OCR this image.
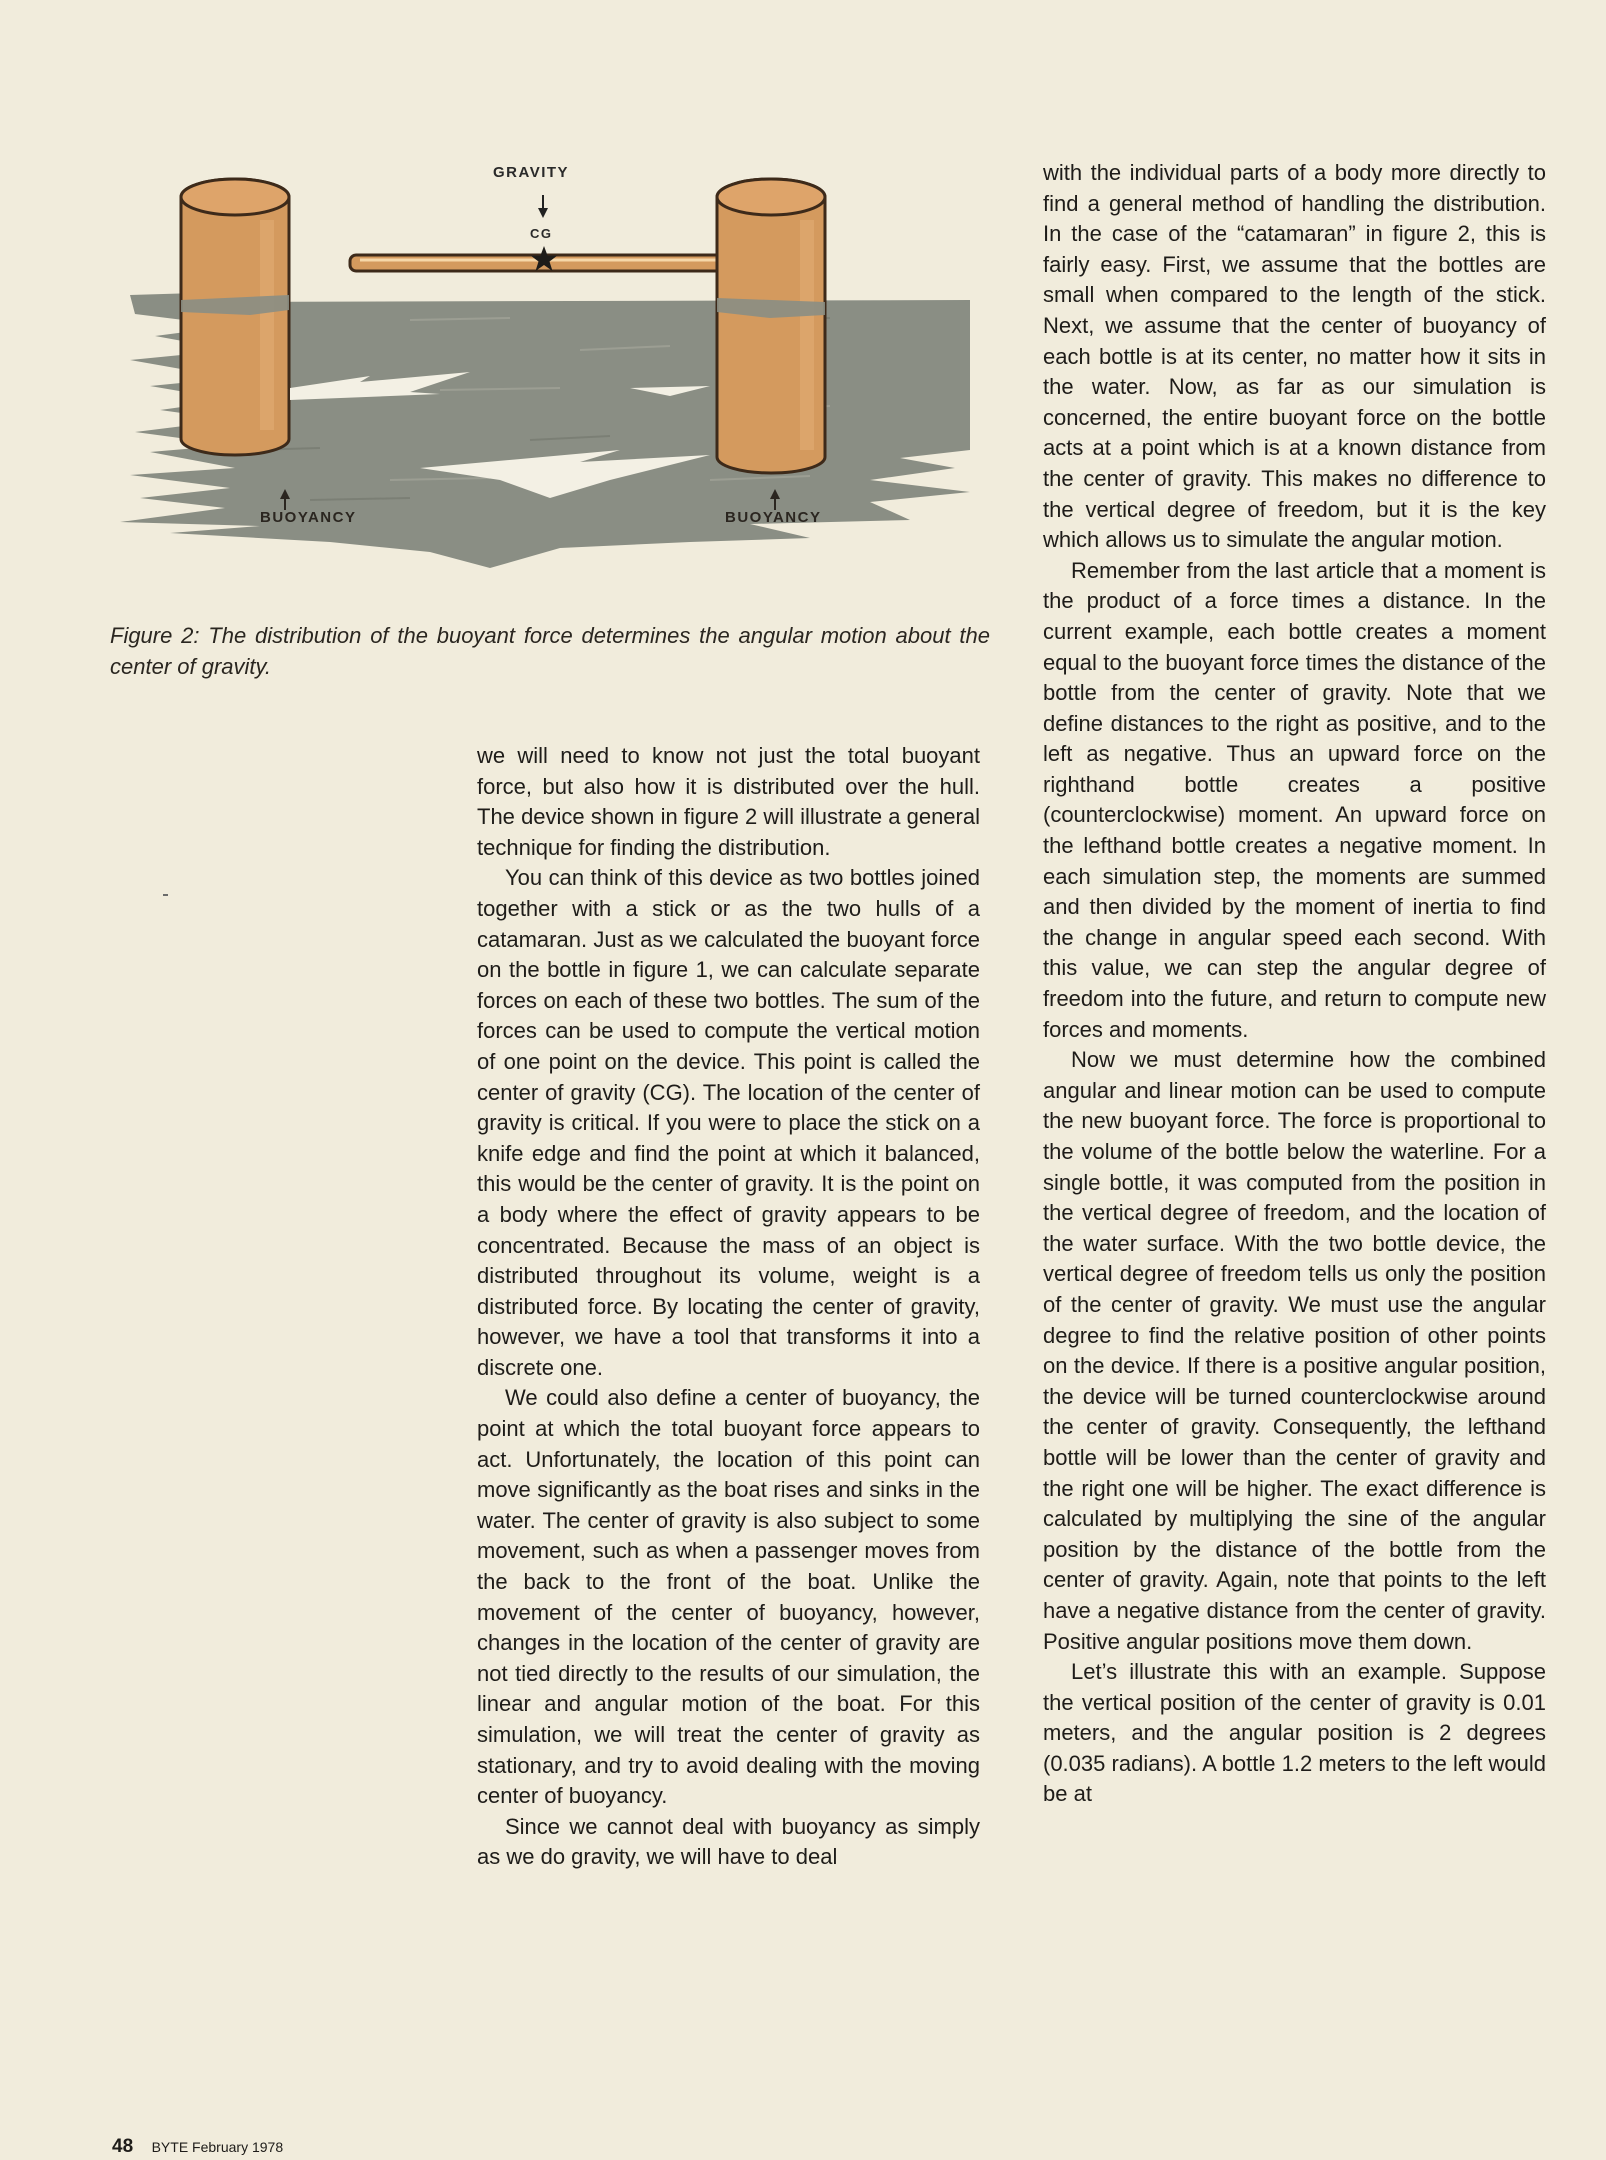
GRAVITY
CG
BUOYANCY	BUOYANCY
Figure 2: The distribution of the buoyant force determines the angular motion about the center of gravity.

we will need to know not just the total buoyant force, but also how it is distributed over the hull. The device shown in figure 2 will illustrate a general technique for finding the distribution.

You can think of this device as two bottles joined together with a stick or as the two hulls of a catamaran. Just as we calculated the buoyant force on the bottle in figure 1, we can calculate separate forces on each of these two bottles. The sum of the forces can be used to compute the vertical motion of one point on the device. This point is called the center of gravity (CG). The location of the center of gravity is critical. If you were to place the stick on a knife edge and find the point at which it balanced, this would be the center of gravity. It is the point on a body where the effect of gravity appears to be concentrated. Because the mass of an object is distributed throughout its volume, weight is a distributed force. By locating the center of gravity, however, we have a tool that transforms it into a discrete one.

We could also define a center of buoyancy, the point at which the total buoyant force appears to act. Unfortunately, the location of this point can move significantly as the boat rises and sinks in the water. The center of gravity is also subject to some movement, such as when a passenger moves from the back to the front of the boat. Unlike the movement of the center of buoyancy, however, changes in the location of the center of gravity are not tied directly to the results of our simulation, the linear and angular motion of the boat. For this simulation, we will treat the center of gravity as stationary, and try to avoid dealing with the moving center of buoyancy.

Since we cannot deal with buoyancy as simply as we do gravity, we will have to deal

with the individual parts of a body more directly to find a general method of handling the distribution. In the case of the “catamaran” in figure 2, this is fairly easy. First, we assume that the bottles are small when compared to the length of the stick. Next, we assume that the center of buoyancy of each bottle is at its center, no matter how it sits in the water. Now, as far as our simulation is concerned, the entire buoyant force on the bottle acts at a point which is at a known distance from the center of gravity. This makes no difference to the vertical degree of freedom, but it is the key which allows us to simulate the angular motion.

Remember from the last article that a moment is the product of a force times a distance. In the current example, each bottle creates a moment equal to the buoyant force times the distance of the bottle from the center of gravity. Note that we define distances to the right as positive, and to the left as negative. Thus an upward force on the righthand bottle creates a positive (counterclockwise) moment. An upward force on the lefthand bottle creates a negative moment. In each simulation step, the moments are summed and then divided by the moment of inertia to find the change in angular speed each second. With this value, we can step the angular degree of freedom into the future, and return to compute new forces and moments.

Now we must determine how the combined angular and linear motion can be used to compute the new buoyant force. The force is proportional to the volume of the bottle below the waterline. For a single bottle, it was computed from the position in the vertical degree of freedom, and the location of the water surface. With the two bottle device, the vertical degree of freedom tells us only the position of the center of gravity. We must use the angular degree to find the relative position of other points on the device. If there is a positive angular position, the device will be turned counterclockwise around the center of gravity. Consequently, the lefthand bottle will be lower than the center of gravity and the right one will be higher. The exact difference is calculated by multiplying the sine of the angular position by the distance of the bottle from the center of gravity. Again, note that points to the left have a negative distance from the center of gravity. Positive angular positions move them down.

Let’s illustrate this with an example. Suppose the vertical position of the center of gravity is 0.01 meters, and the angular position is 2 degrees (0.035 radians). A bottle 1.2 meters to the left would be at

48 BYTE February 1978
